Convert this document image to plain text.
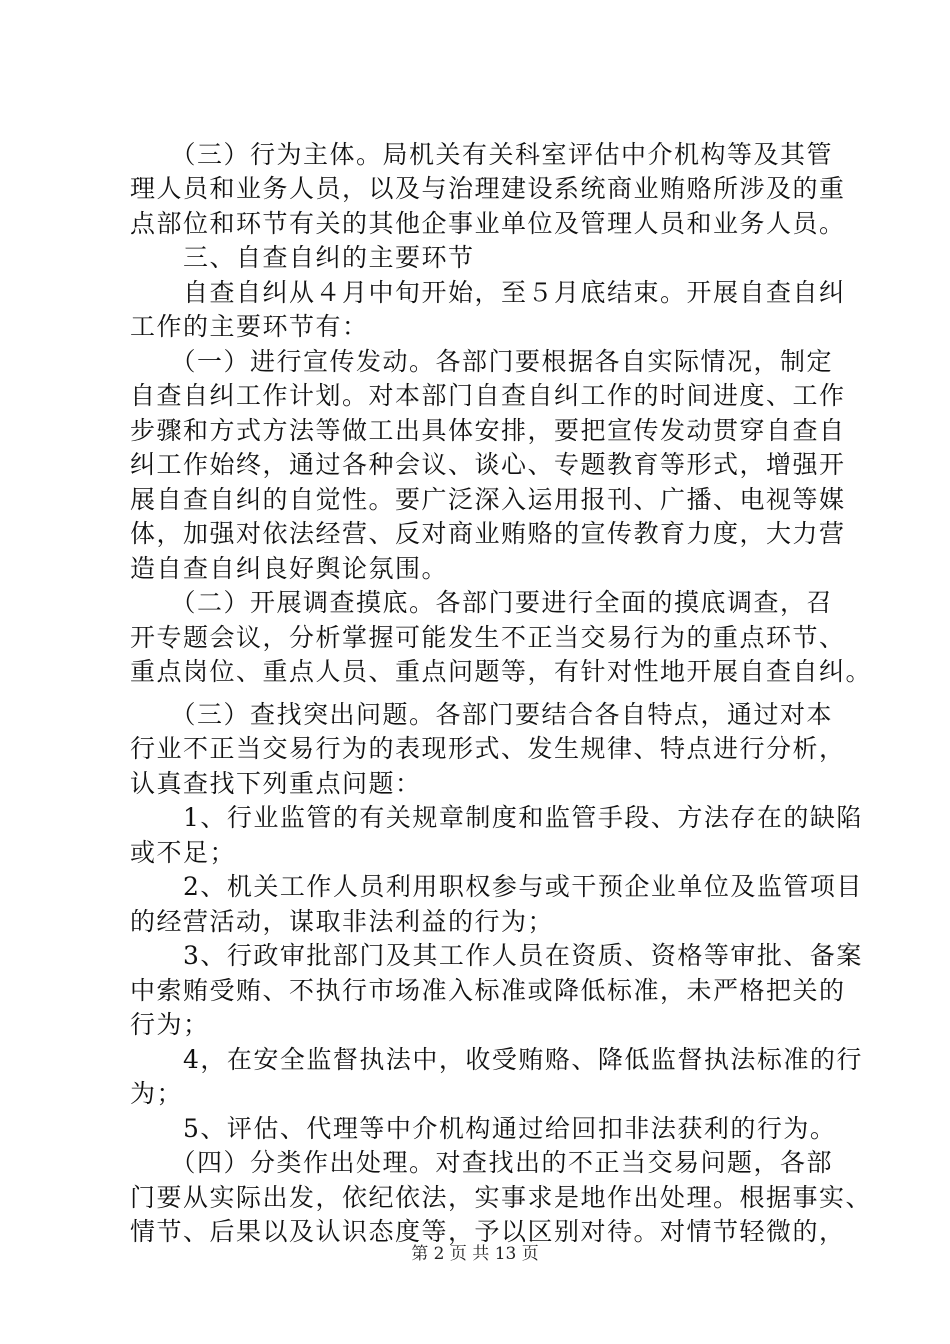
　　（三）行为主体。局机关有关科室评估中介机构等及其管
理人员和业务人员，以及与治理建设系统商业贿赂所涉及的重
点部位和环节有关的其他企事业单位及管理人员和业务人员。
　　三、自查自纠的主要环节
　　自查自纠从４月中旬开始，至５月底结束。开展自查自纠
工作的主要环节有：
　　（一）进行宣传发动。各部门要根据各自实际情况，制定
自查自纠工作计划。对本部门自查自纠工作的时间进度、工作
步骤和方式方法等做工出具体安排，要把宣传发动贯穿自查自
纠工作始终，通过各种会议、谈心、专题教育等形式，增强开
展自查自纠的自觉性。要广泛深入运用报刊、广播、电视等媒
体，加强对依法经营、反对商业贿赂的宣传教育力度，大力营
造自查自纠良好舆论氛围。
　　（二）开展调查摸底。各部门要进行全面的摸底调查，召
开专题会议，分析掌握可能发生不正当交易行为的重点环节、
重点岗位、重点人员、重点问题等，有针对性地开展自查自纠。
　　（三）查找突出问题。各部门要结合各自特点，通过对本
行业不正当交易行为的表现形式、发生规律、特点进行分析，
认真查找下列重点问题：
　　1、行业监管的有关规章制度和监管手段、方法存在的缺陷
或不足；
　　2、机关工作人员利用职权参与或干预企业单位及监管项目
的经营活动，谋取非法利益的行为；
　　3、行政审批部门及其工作人员在资质、资格等审批、备案
中索贿受贿、不执行市场准入标准或降低标准，未严格把关的
行为；
　　4，在安全监督执法中，收受贿赂、降低监督执法标准的行
为；
　　5、评估、代理等中介机构通过给回扣非法获利的行为。
　　（四）分类作出处理。对查找出的不正当交易问题，各部
门要从实际出发，依纪依法，实事求是地作出处理。根据事实、
情节、后果以及认识态度等，予以区别对待。对情节轻微的，
第 2 页 共 13 页
